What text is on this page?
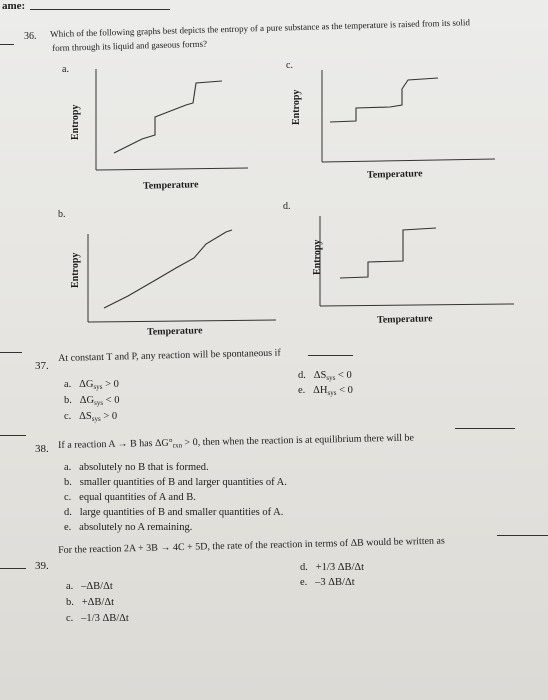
ame:
36. Which of the following graphs best depicts the entropy of a pure substance as the temperature is raised from its solid
form through its liquid and gaseous forms?
a.
Entropy
Temperature
c.
Entropy
Temperature
b.
Entropy
Temperature
d.
Entropy
Temperature
37.
At constant T and P, any reaction will be spontaneous if
a. $\Delta G_{sys} > 0$
b. $\Delta G_{sys} < 0$
c. $\Delta S_{sys} > 0$
d. $\Delta S_{sys} < 0$
e. $\Delta H_{sys} < 0$
38. If a reaction A → B has $\Delta G^\circ_{rxn} > 0$, then when the reaction is at equilibrium there will be
a. absolutely no B that is formed.
b. smaller quantities of B and larger quantities of A.
c. equal quantities of A and B.
d. large quantities of B and smaller quantities of A.
e. absolutely no A remaining.
39.
For the reaction 2A + 3B → 4C + 5D, the rate of the reaction in terms of ΔB would be written as
a. –ΔB/Δt
b. +ΔB/Δt
c. –1/3 ΔB/Δt
d. +1/3 ΔB/Δt
e. –3 ΔB/Δt
